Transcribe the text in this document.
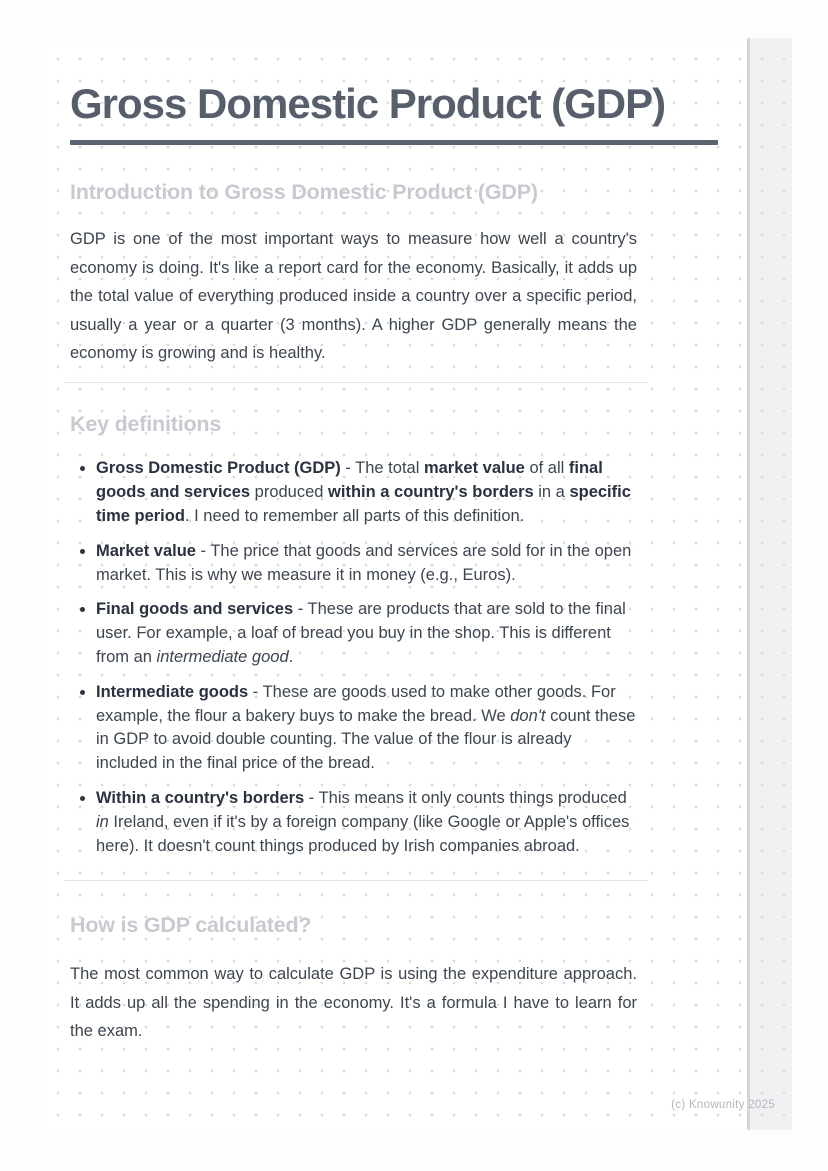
Gross Domestic Product (GDP)
Introduction to Gross Domestic Product (GDP)

GDP is one of the most important ways to measure how well a country's economy is doing. It's like a report card for the economy. Basically, it adds up the total value of everything produced inside a country over a specific period, usually a year or a quarter (3 months). A higher GDP generally means the economy is growing and is healthy.

Key definitions
Gross Domestic Product (GDP) - The total market value of all final goods and services produced within a country's borders in a specific time period. I need to remember all parts of this definition.
Market value - The price that goods and services are sold for in the open market. This is why we measure it in money (e.g., Euros).
Final goods and services - These are products that are sold to the final user. For example, a loaf of bread you buy in the shop. This is different from an intermediate good.
Intermediate goods - These are goods used to make other goods. For example, the flour a bakery buys to make the bread. We don't count these in GDP to avoid double counting. The value of the flour is already included in the final price of the bread.
Within a country's borders - This means it only counts things produced in Ireland, even if it's by a foreign company (like Google or Apple's offices here). It doesn't count things produced by Irish companies abroad.
How is GDP calculated?

The most common way to calculate GDP is using the expenditure approach. It adds up all the spending in the economy. It's a formula I have to learn for the exam.

(c) Knowunity 2025
